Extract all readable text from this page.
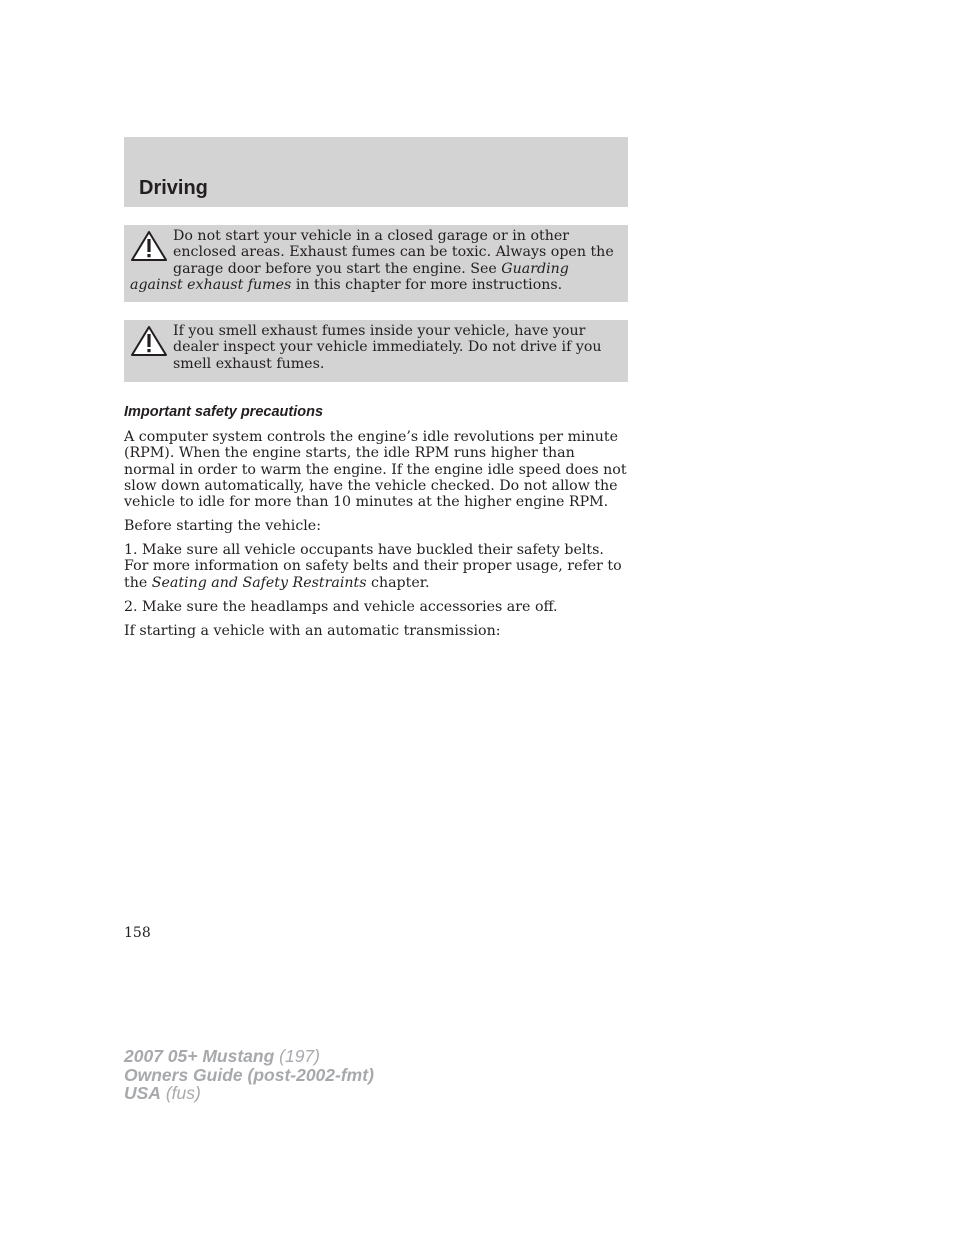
Driving
Do not start your vehicle in a closed garage or in other enclosed areas. Exhaust fumes can be toxic. Always open the garage door before you start the engine. See Guarding against exhaust fumes in this chapter for more instructions.
If you smell exhaust fumes inside your vehicle, have your dealer inspect your vehicle immediately. Do not drive if you smell exhaust fumes.
Important safety precautions

A computer system controls the engine’s idle revolutions per minute (RPM). When the engine starts, the idle RPM runs higher than normal in order to warm the engine. If the engine idle speed does not slow down automatically, have the vehicle checked. Do not allow the vehicle to idle for more than 10 minutes at the higher engine RPM.

Before starting the vehicle:

1. Make sure all vehicle occupants have buckled their safety belts. For more information on safety belts and their proper usage, refer to the Seating and Safety Restraints chapter.

2. Make sure the headlamps and vehicle accessories are off.

If starting a vehicle with an automatic transmission:

158
2007 05+ Mustang (197)
Owners Guide (post-2002-fmt)
USA (fus)
